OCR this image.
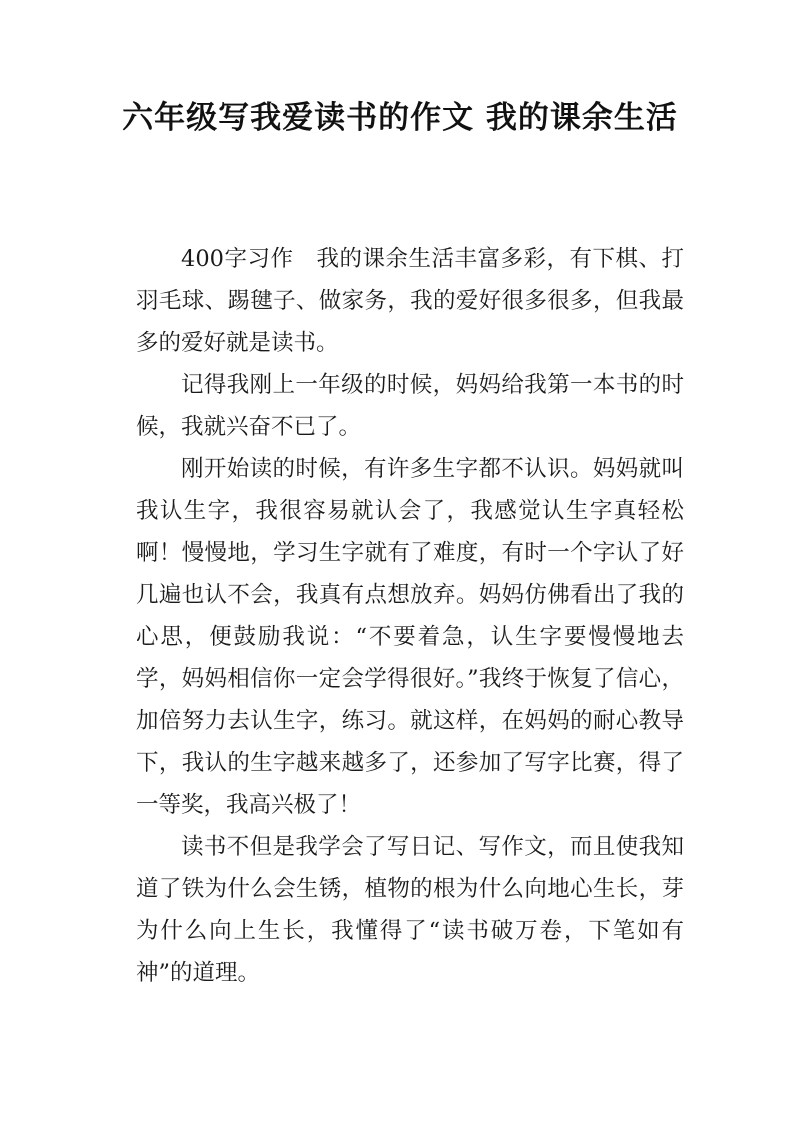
六年级写我爱读书的作文 我的课余生活

400字习作　我的课余生活丰富多彩，有下棋、打羽毛球、踢毽子、做家务，我的爱好很多很多，但我最多的爱好就是读书。

记得我刚上一年级的时候，妈妈给我第一本书的时候，我就兴奋不已了。

刚开始读的时候，有许多生字都不认识。妈妈就叫我认生字，我很容易就认会了，我感觉认生字真轻松啊！慢慢地，学习生字就有了难度，有时一个字认了好几遍也认不会，我真有点想放弃。妈妈仿佛看出了我的心思，便鼓励我说：“不要着急，认生字要慢慢地去学，妈妈相信你一定会学得很好。”我终于恢复了信心，加倍努力去认生字，练习。就这样，在妈妈的耐心教导下，我认的生字越来越多了，还参加了写字比赛，得了一等奖，我高兴极了！

读书不但是我学会了写日记、写作文，而且使我知道了铁为什么会生锈，植物的根为什么向地心生长，芽为什么向上生长，我懂得了“读书破万卷，下笔如有神”的道理。
